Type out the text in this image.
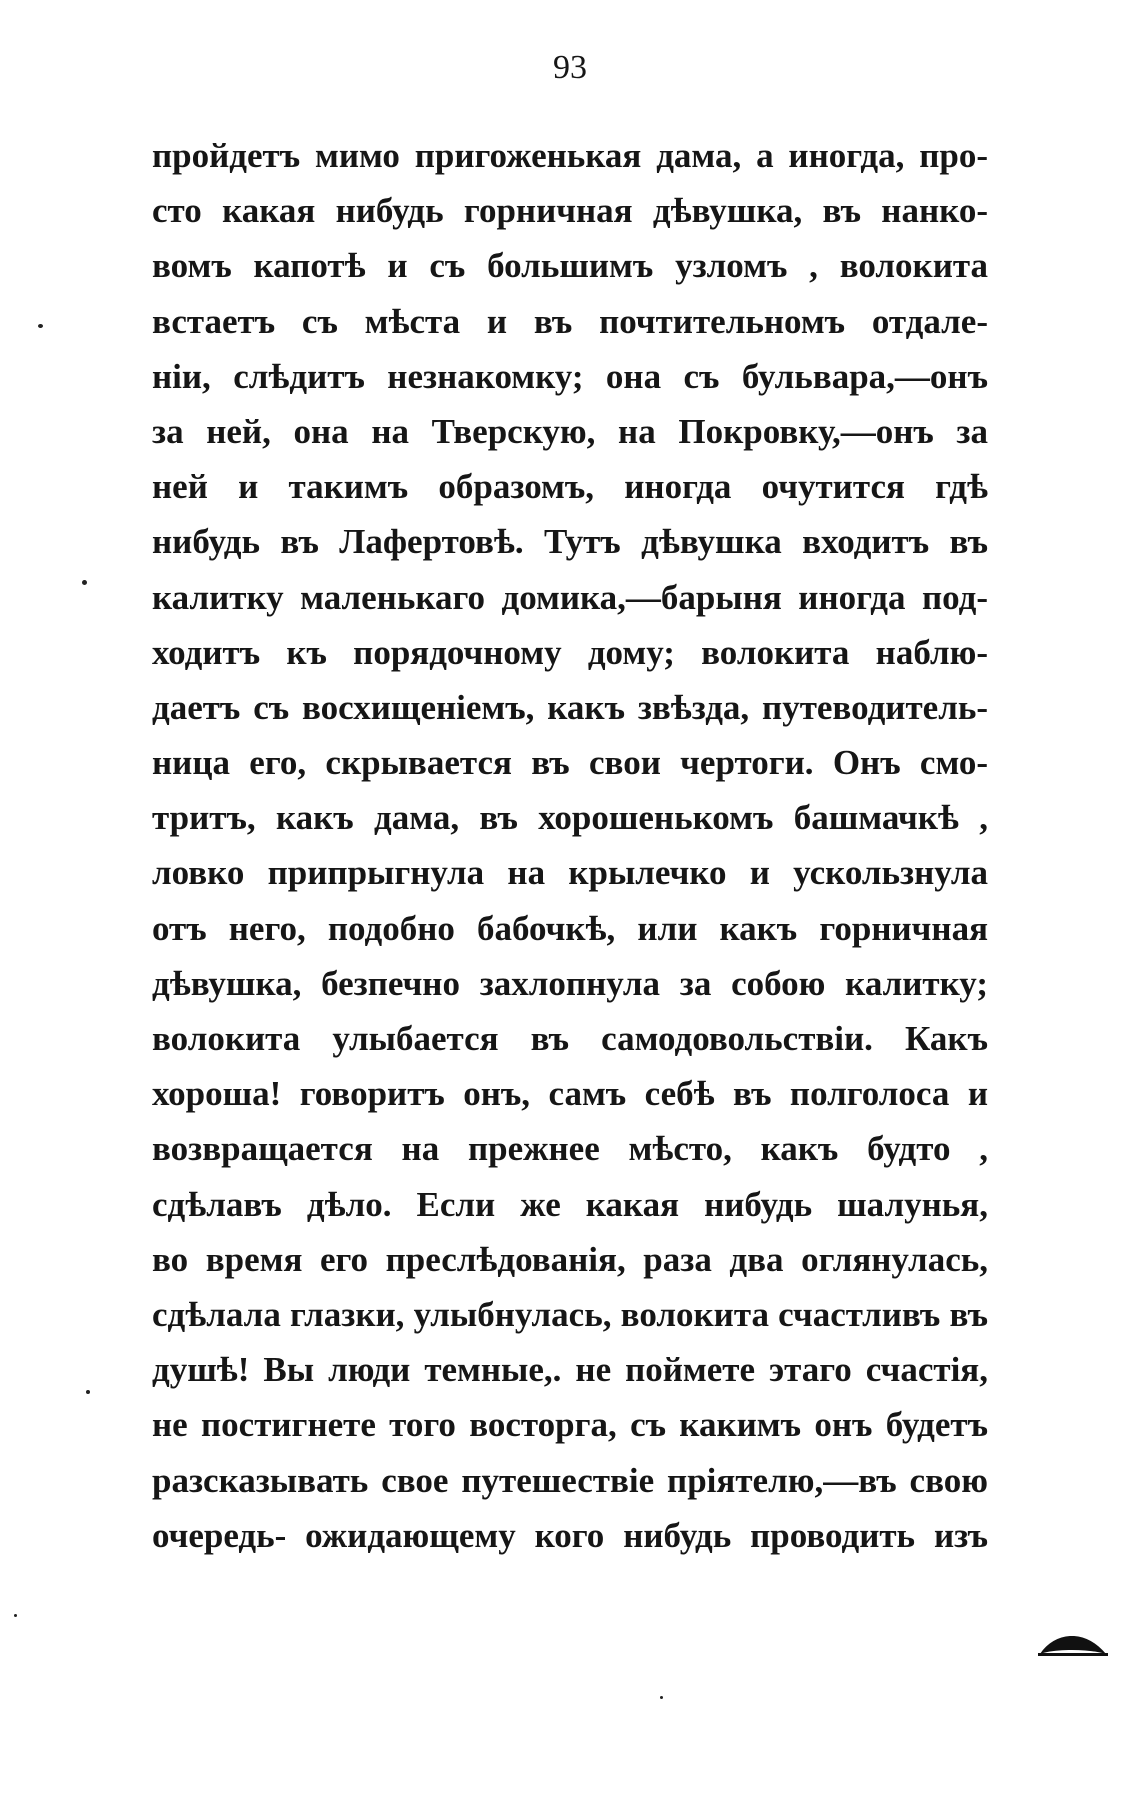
93
пройдетъ мимо пригоженькая дама, а иногда, про-
сто какая нибудь горничная дѣвушка, въ нанко-
вомъ капотѣ и съ большимъ узломъ , волокита
встаетъ съ мѣста и въ почтительномъ отдале-
ніи, слѣдитъ незнакомку; она съ бульвара,—онъ
за ней, она на Тверскую, на Покровку,—онъ за
ней и такимъ образомъ, иногда очутится гдѣ
нибудь въ Лафертовѣ. Тутъ дѣвушка входитъ въ
калитку маленькаго домика,—барыня иногда под-
ходитъ къ порядочному дому; волокита наблю-
даетъ съ восхищеніемъ, какъ звѣзда, путеводитель-
ница его, скрывается въ свои чертоги. Онъ смо-
тритъ, какъ дама, въ хорошенькомъ башмачкѣ ,
ловко припрыгнула на крылечко и ускользнула
отъ него, подобно бабочкѣ, или какъ горничная
дѣвушка, безпечно захлопнула за собою калитку;
волокита улыбается въ самодовольствіи. Какъ
хороша! говоритъ онъ, самъ себѣ въ полголоса и
возвращается на прежнее мѣсто, какъ будто ,
сдѣлавъ дѣло. Если же какая нибудь шалунья,
во время его преслѣдованія, раза два оглянулась,
сдѣлала глазки, улыбнулась, волокита счастливъ въ
душѣ! Вы люди темные,. не поймете этаго счастія,
не постигнете того восторга, съ какимъ онъ будетъ
разсказывать свое путешествіе пріятелю,—въ свою
очередь- ожидающему кого нибудь проводить изъ
